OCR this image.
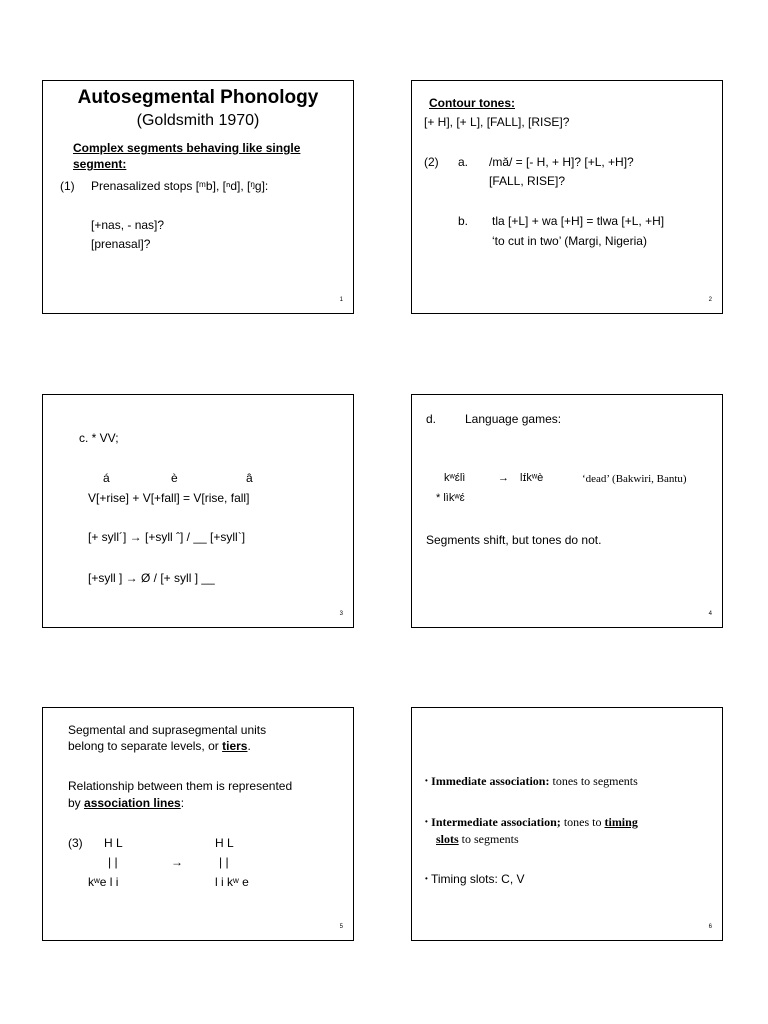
Autosegmental Phonology
(Goldsmith 1970)
Complex segments behaving like single
segment:
(1) Prenasalized stops [ᵐb], [ⁿd], [ᵑg]:
[+nas, - nas]?
[prenasal]?
1
Contour tones:
[+ H], [+ L], [FALL], [RISE]?
(2) a. /mǎ/ = [- H, + H]? [+L, +H]?
[FALL, RISE]?
b. tla [+L] + wa [+H] = tlwa [+L, +H]
‘to cut in two’ (Margi, Nigeria)
2
c. * VV;
á	è	â
V[+rise] + V[+fall] = V[rise, fall]
[+ syll´] → [+syll ˆ] / __ [+syll`]
[+syll ] → Ø / [+ syll ] __
3
d. Language games:
kʷɛ́lì	→ lɪ́kʷè	‘dead’ (Bakwiri, Bantu)
* lìkʷɛ́
Segments shift, but tones do not.
4
Segmental and suprasegmental units
belong to separate levels, or tiers.
Relationship between them is represented
by association lines:
(3) H L	H L
| |	→	| |
kʷe l i	l i kʷ e
5
• Immediate association: tones to segments
• Intermediate association; tones to timing
slots to segments
• Timing slots: C, V
6
